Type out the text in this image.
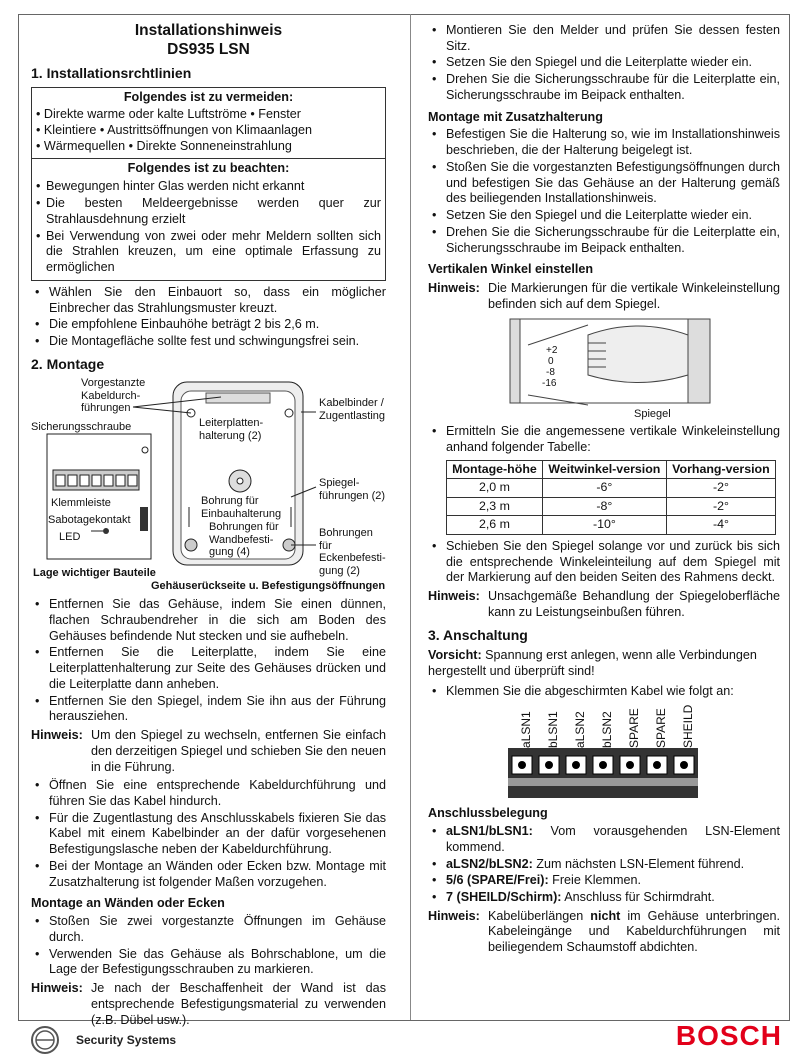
Installationshinweis

DS935 LSN

1. Installationsrchtlinien
Folgendes ist zu vermeiden:
• Direkte warme oder kalte Luftströme • Fenster
• Kleintiere • Austrittsöffnungen von Klimaanlagen
• Wärmequellen • Direkte Sonneneinstrahlung
Folgendes ist zu beachten:
• Bewegungen hinter Glas werden nicht erkannt
• Die besten Meldeergebnisse werden quer zur Strahlausdehnung erzielt
• Bei Verwendung von zwei oder mehr Meldern sollten sich die Strahlen kreuzen, um eine optimale Erfassung zu ermöglichen
• Wählen Sie den Einbauort so, dass ein möglicher Einbrecher das Strahlungsmuster kreuzt.
• Die empfohlene Einbauhöhe beträgt 2 bis 2,6 m.
• Die Montagefläche sollte fest und schwingungsfrei sein.
2. Montage
Vorgestanzte Kabeldurch-führungen
Sicherungsschraube
Klemmleiste
Sabotagekontakt
LED
Lage wichtiger Bauteile
Leiterplatten-halterung (2)
Kabelbinder / Zugentlasting
Bohrung für Einbauhalterung
Bohrungen für Wandbefesti-gung (4)
Spiegel-führungen (2)
Bohrungen für Eckenbefesti-gung (2)
Gehäuserückseite u. Befestigungsöffnungen
• Entfernen Sie das Gehäuse, indem Sie einen dünnen, flachen Schraubendreher in die sich am Boden des Gehäuses befindende Nut stecken und sie aufhebeln.
• Entfernen Sie die Leiterplatte, indem Sie eine Leiterplattenhalterung zur Seite des Gehäuses drücken und die Leiterplatte dann anheben.
• Entfernen Sie den Spiegel, indem Sie ihn aus der Führung herausziehen.
Hinweis: Um den Spiegel zu wechseln, entfernen Sie einfach den derzeitigen Spiegel und schieben Sie den neuen in die Führung.
• Öffnen Sie eine entsprechende Kabeldurchführung und führen Sie das Kabel hindurch.
• Für die Zugentlastung des Anschlusskabels fixieren Sie das Kabel mit einem Kabelbinder an der dafür vorgesehenen Befestigungslasche neben der Kabeldurchführung.
• Bei der Montage an Wänden oder Ecken bzw. Montage mit Zusatzhalterung ist folgender Maßen vorzugehen.
Montage an Wänden oder Ecken
• Stoßen Sie zwei vorgestanzte Öffnungen im Gehäuse durch.
• Verwenden Sie das Gehäuse als Bohrschablone, um die Lage der Befestigungsschrauben zu markieren.
Hinweis: Je nach der Beschaffenheit der Wand ist das entsprechende Befestigungsmaterial zu verwenden (z.B. Dübel usw.).
• Montieren Sie den Melder und prüfen Sie dessen festen Sitz.
• Setzen Sie den Spiegel und die Leiterplatte wieder ein.
• Drehen Sie die Sicherungsschraube für die Leiterplatte ein, Sicherungsschraube im Beipack enthalten.
Montage mit Zusatzhalterung
• Befestigen Sie die Halterung so, wie im Installationshinweis beschrieben, die der Halterung beigelegt ist.
• Stoßen Sie die vorgestanzten Befestigungsöffnungen durch und befestigen Sie das Gehäuse an der Halterung gemäß des beiliegenden Installationshinweis.
• Setzen Sie den Spiegel und die Leiterplatte wieder ein.
• Drehen Sie die Sicherungsschraube für die Leiterplatte ein, Sicherungsschraube im Beipack enthalten.
Vertikalen Winkel einstellen
Hinweis: Die Markierungen für die vertikale Winkeleinstellung befinden sich auf dem Spiegel.
+2
0
-8
-16
Spiegel
• Ermitteln Sie die angemessene vertikale Winkeleinstellung anhand folgender Tabelle:
Montage-höhe	Weitwinkel-version	Vorhang-version
2,0 m	-6°	-2°
2,3 m	-8°	-2°
2,6 m	-10°	-4°
• Schieben Sie den Spiegel solange vor und zurück bis sich die entsprechende Winkeleinteilung auf dem Spiegel mit der Markierung auf den beiden Seiten des Rahmens deckt.
Hinweis: Unsachgemäße Behandlung der Spiegeloberfläche kann zu Leistungseinbußen führen.
3. Anschaltung
Vorsicht: Spannung erst anlegen, wenn alle Verbindungen hergestellt und überprüft sind!
• Klemmen Sie die abgeschirmten Kabel wie folgt an:
aLSN1 bLSN1 aLSN2 bLSN2 SPARE SPARE SHEILD
Anschlussbelegung
• aLSN1/bLSN1: Vom vorausgehenden LSN-Element kommend.
• aLSN2/bLSN2: Zum nächsten LSN-Element führend.
• 5/6 (SPARE/Frei): Freie Klemmen.
• 7 (SHEILD/Schirm): Anschluss für Schirmdraht.
Hinweis: Kabelüberlängen nicht im Gehäuse unterbringen. Kabeleingänge und Kabeldurchführungen mit beiliegendem Schaumstoff abdichten.
Security Systems	BOSCH
